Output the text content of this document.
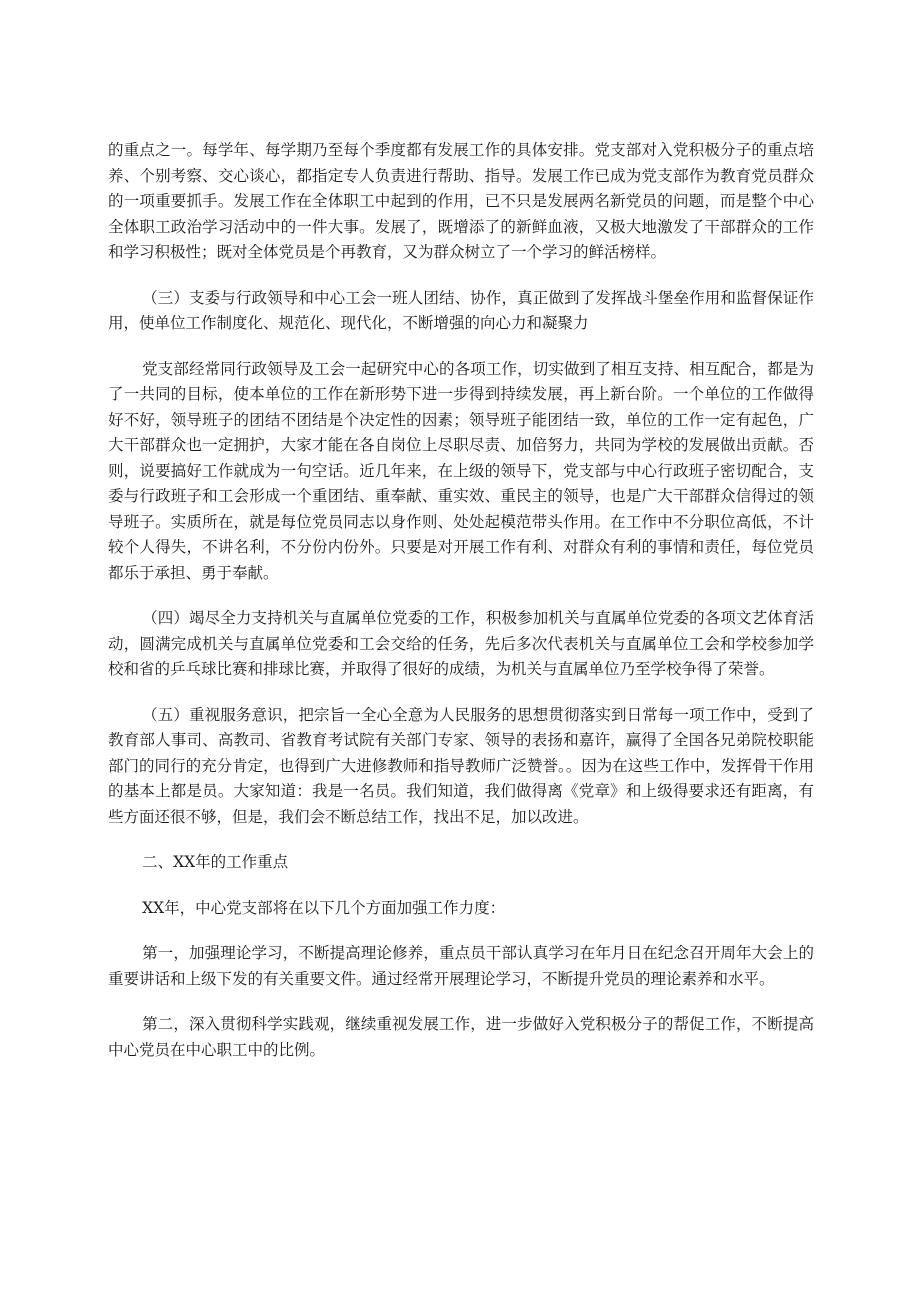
的重点之一。每学年、每学期乃至每个季度都有发展工作的具体安排。党支部对入党积极分子的重点培养、个别考察、交心谈心，都指定专人负责进行帮助、指导。发展工作已成为党支部作为教育党员群众的一项重要抓手。发展工作在全体职工中起到的作用，已不只是发展两名新党员的问题，而是整个中心全体职工政治学习活动中的一件大事。发展了，既增添了的新鲜血液，又极大地激发了干部群众的工作和学习积极性；既对全体党员是个再教育，又为群众树立了一个学习的鲜活榜样。

（三）支委与行政领导和中心工会一班人团结、协作，真正做到了发挥战斗堡垒作用和监督保证作用，使单位工作制度化、规范化、现代化，不断增强的向心力和凝聚力

党支部经常同行政领导及工会一起研究中心的各项工作，切实做到了相互支持、相互配合，都是为了一共同的目标，使本单位的工作在新形势下进一步得到持续发展，再上新台阶。一个单位的工作做得好不好，领导班子的团结不团结是个决定性的因素；领导班子能团结一致，单位的工作一定有起色，广大干部群众也一定拥护，大家才能在各自岗位上尽职尽责、加倍努力，共同为学校的发展做出贡献。否则，说要搞好工作就成为一句空话。近几年来，在上级的领导下，党支部与中心行政班子密切配合，支委与行政班子和工会形成一个重团结、重奉献、重实效、重民主的领导，也是广大干部群众信得过的领导班子。实质所在，就是每位党员同志以身作则、处处起模范带头作用。在工作中不分职位高低，不计较个人得失，不讲名利，不分份内份外。只要是对开展工作有利、对群众有利的事情和责任，每位党员都乐于承担、勇于奉献。

（四）竭尽全力支持机关与直属单位党委的工作，积极参加机关与直属单位党委的各项文艺体育活动，圆满完成机关与直属单位党委和工会交给的任务，先后多次代表机关与直属单位工会和学校参加学校和省的乒乓球比赛和排球比赛，并取得了很好的成绩，为机关与直属单位乃至学校争得了荣誉。

（五）重视服务意识，把宗旨一全心全意为人民服务的思想贯彻落实到日常每一项工作中，受到了教育部人事司、高教司、省教育考试院有关部门专家、领导的表扬和嘉许，赢得了全国各兄弟院校职能部门的同行的充分肯定，也得到广大进修教师和指导教师广泛赞誉。。因为在这些工作中，发挥骨干作用的基本上都是员。大家知道：我是一名员。我们知道，我们做得离《党章》和上级得要求还有距离，有些方面还很不够，但是，我们会不断总结工作，找出不足，加以改进。

二、XX年的工作重点

XX年，中心党支部将在以下几个方面加强工作力度：

第一，加强理论学习，不断提高理论修养，重点员干部认真学习在年月日在纪念召开周年大会上的重要讲话和上级下发的有关重要文件。通过经常开展理论学习，不断提升党员的理论素养和水平。

第二，深入贯彻科学实践观，继续重视发展工作，进一步做好入党积极分子的帮促工作，不断提高中心党员在中心职工中的比例。
